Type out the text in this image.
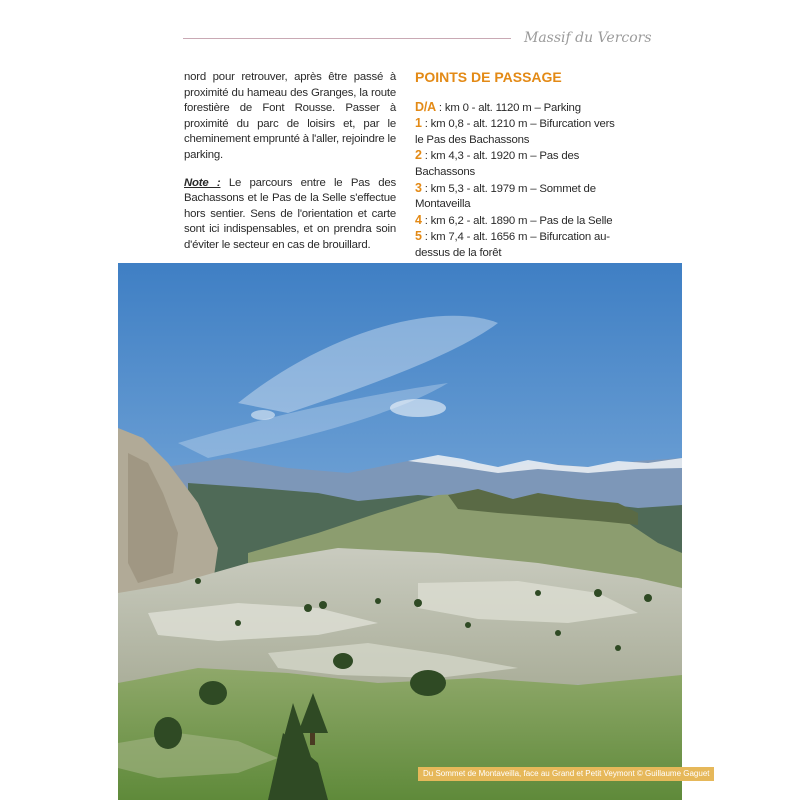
Massif du Vercors

nord pour retrouver, après être passé à proximité du hameau des Granges, la route forestière de Font Rousse. Passer à proximité du parc de loisirs et, par le cheminement emprunté à l'aller, rejoindre le parking.

Note : Le parcours entre le Pas des Bachassons et le Pas de la Selle s'effectue hors sentier. Sens de l'orientation et carte sont ici indispensables, et on prendra soin d'éviter le secteur en cas de brouillard.

POINTS DE PASSAGE
D/A : km 0 - alt. 1120 m – Parking
1 : km 0,8 - alt. 1210 m – Bifurcation vers le Pas des Bachassons
2 : km 4,3 - alt. 1920 m – Pas des Bachassons
3 : km 5,3 - alt. 1979 m – Sommet de Montaveilla
4 : km 6,2 - alt. 1890 m – Pas de la Selle
5 : km 7,4 - alt. 1656 m – Bifurcation au-dessus de la forêt
Du Sommet de Montaveilla, face au Grand et Petit Veymont © Guillaume Gaguet
